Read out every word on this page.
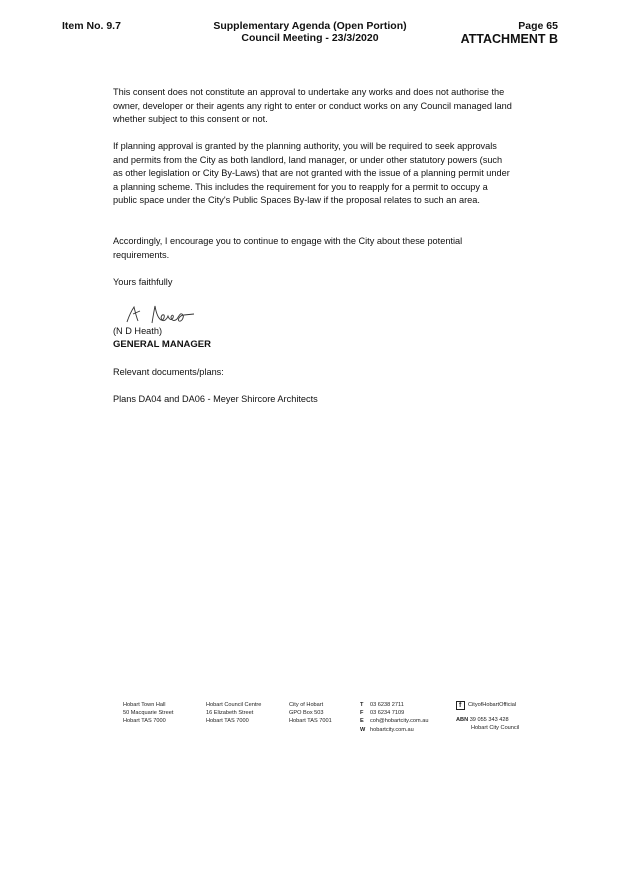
Item No. 9.7	Supplementary Agenda (Open Portion)
Council Meeting - 23/3/2020
Page 65
ATTACHMENT B

This consent does not constitute an approval to undertake any works and does not authorise the owner, developer or their agents any right to enter or conduct works on any Council managed land whether subject to this consent or not.

If planning approval is granted by the planning authority, you will be required to seek approvals and permits from the City as both landlord, land manager, or under other statutory powers (such as other legislation or City By-Laws) that are not granted with the issue of a planning permit under a planning scheme. This includes the requirement for you to reapply for a permit to occupy a public space under the City's Public Spaces By-law if the proposal relates to such an area.

Accordingly, I encourage you to continue to engage with the City about these potential requirements.

Yours faithfully

(N D Heath)
GENERAL MANAGER
Relevant documents/plans:
Plans DA04 and DA06 - Meyer Shircore Architects
Hobart Town Hall
50 Macquarie Street
Hobart TAS 7000
Hobart Council Centre
16 Elizabeth Street
Hobart TAS 7000
City of Hobart
GPO Box 503
Hobart TAS 7001
T 03 6238 2711
F 03 6234 7109
E coh@hobartcity.com.au
W hobartcity.com.au
f CityofHobartOfficial
ABN 39 055 343 428
Hobart City Council
